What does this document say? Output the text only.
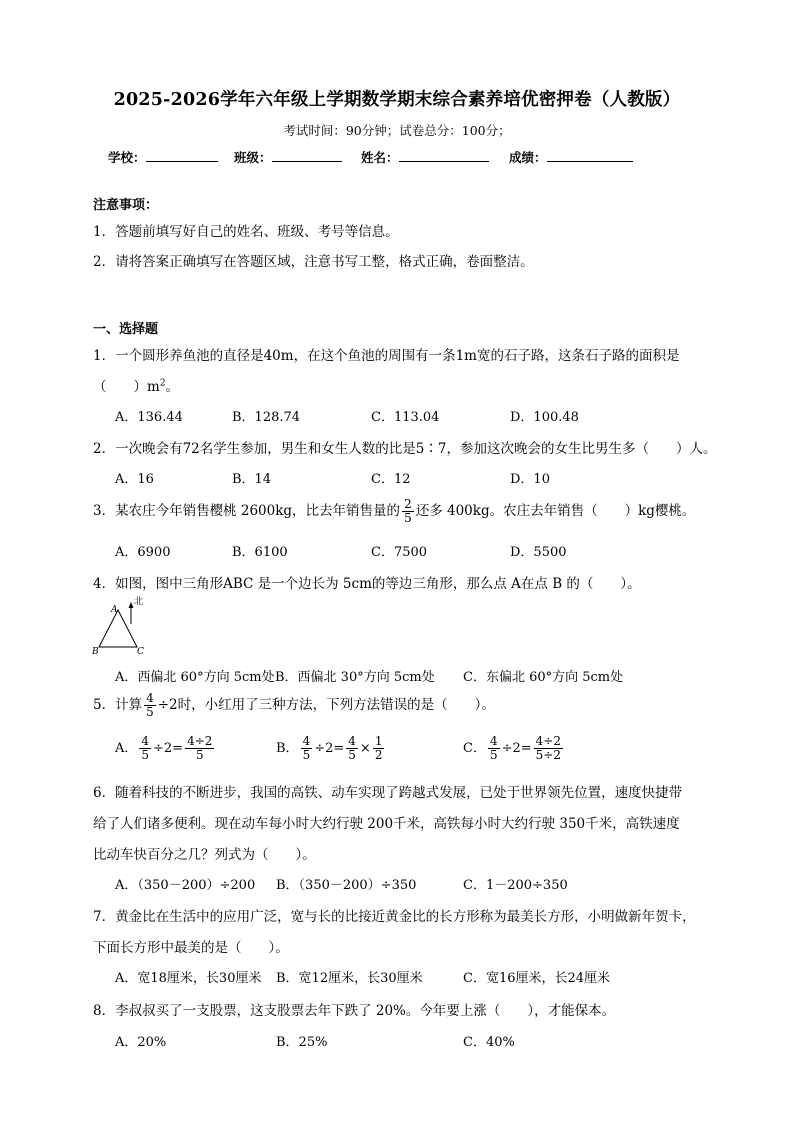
2025-2026学年六年级上学期数学期末综合素养培优密押卷（人教版）
考试时间：90分钟；试卷总分：100分；
学校：	班级：	姓名：	成绩：
注意事项：
1．答题前填写好自己的姓名、班级、考号等信息。
2．请将答案正确填写在答题区域，注意书写工整，格式正确，卷面整洁。
一、选择题
1．一个圆形养鱼池的直径是40m，在这个鱼池的周围有一条1m宽的石子路，这条石子路的面积是
（　　）$m^2$。
A．136.44	B．128.74	C．113.04	D．100.48
2．一次晚会有72名学生参加，男生和女生人数的比是5∶7，参加这次晚会的女生比男生多（　　）人。
A．16	B．14	C．12	D．10
3．某农庄今年销售樱桃 2600kg，比去年销售量的 $\frac{2}{5}$ 还多 400kg。农庄去年销售（　　）kg樱桃。
A．6900	B．6100	C．7500	D．5500
4．如图，图中三角形ABC 是一个边长为 5cm的等边三角形，那么点 A在点 B 的（　　）。
北
A
B	C
A．西偏北 60°方向 5cm处 B．西偏北 30°方向 5cm处 C．东偏北 60°方向 5cm处
5．计算 $\frac{4}{5} \div 2$时，小红用了三种方法，下列方法错误的是（　　）。
A． $\frac{4}{5} \div 2= \frac{4\div 2}{5}$	B． $\frac{4}{5} \div 2= \frac{4}{5} \times \frac{1}{2}$	C． $\frac{4}{5} \div 2= \frac{4\div 2}{5\div 2}$
6．随着科技的不断进步，我国的高铁、动车实现了跨越式发展，已处于世界领先位置，速度快捷带
给了人们诸多便利。现在动车每小时大约行驶 200千米，高铁每小时大约行驶 350千米，高铁速度
比动车快百分之几？列式为（　　）。
A．（350－200）÷200 B．（350－200）÷350	C．1－200÷350
7．黄金比在生活中的应用广泛，宽与长的比接近黄金比的长方形称为最美长方形，小明做新年贺卡，
下面长方形中最美的是（　　）。
A．宽18厘米，长30厘米 B．宽12厘米，长30厘米	C．宽16厘米，长24厘米
8．李叔叔买了一支股票，这支股票去年下跌了 20%。今年要上涨（　　），才能保本。
A．20%	B．25%	C．40%
